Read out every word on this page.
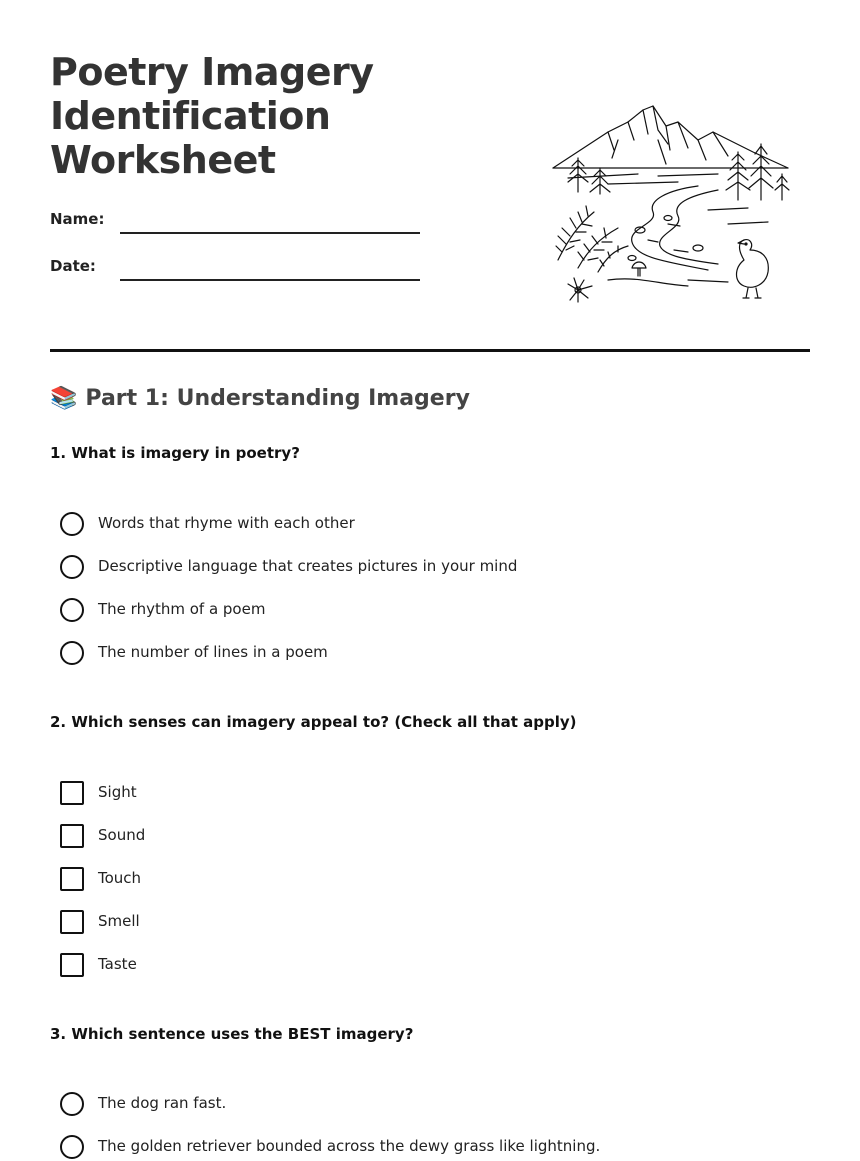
Poetry Imagery
Identification
Worksheet
Name:
Date:
📚 Part 1: Understanding Imagery
1. What is imagery in poetry?
Words that rhyme with each other
Descriptive language that creates pictures in your mind
The rhythm of a poem
The number of lines in a poem
2. Which senses can imagery appeal to? (Check all that apply)
Sight
Sound
Touch
Smell
Taste
3. Which sentence uses the BEST imagery?
The dog ran fast.
The golden retriever bounded across the dewy grass like lightning.
